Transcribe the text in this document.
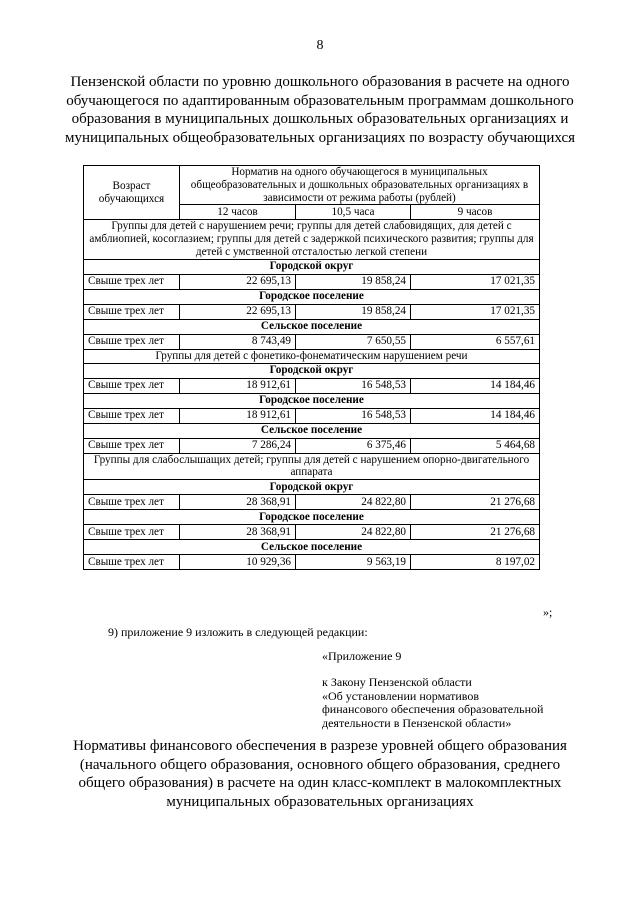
8
Пензенской области по уровню дошкольного образования в расчете на одного обучающегося по адаптированным образовательным программам дошкольного образования в муниципальных дошкольных образовательных организациях и муниципальных общеобразовательных организациях по возрасту обучающихся
Возраст обучающихся	Норматив на одного обучающегося в муниципальных общеобразовательных и дошкольных образовательных организациях в зависимости от режима работы (рублей)		
	12 часов	10,5 часа	9 часов
Группы для детей с нарушением речи; группы для детей слабовидящих, для детей с амблиопией, косоглазием; группы для детей с задержкой психического развития; группы для детей с умственной отсталостью легкой степени			
Городской округ			
Свыше трех лет	22 695,13	19 858,24	17 021,35
Городское поселение			
Свыше трех лет	22 695,13	19 858,24	17 021,35
Сельское поселение			
Свыше трех лет	8 743,49	7 650,55	6 557,61
Группы для детей с фонетико-фонематическим нарушением речи			
Городской округ			
Свыше трех лет	18 912,61	16 548,53	14 184,46
Городское поселение			
Свыше трех лет	18 912,61	16 548,53	14 184,46
Сельское поселение			
Свыше трех лет	7 286,24	6 375,46	5 464,68
Группы для слабослышащих детей; группы для детей с нарушением опорно-двигательного аппарата			
Городской округ			
Свыше трех лет	28 368,91	24 822,80	21 276,68
Городское поселение			
Свыше трех лет	28 368,91	24 822,80	21 276,68
Сельское поселение			
Свыше трех лет	10 929,36	9 563,19	8 197,02
»;
9) приложение 9 изложить в следующей редакции:
«Приложение 9
к Закону Пензенской области
«Об установлении нормативов
финансового обеспечения образовательной
деятельности в Пензенской области»
Нормативы финансового обеспечения в разрезе уровней общего образования (начального общего образования, основного общего образования, среднего общего образования) в расчете на один класс-комплект в малокомплектных муниципальных образовательных организациях
